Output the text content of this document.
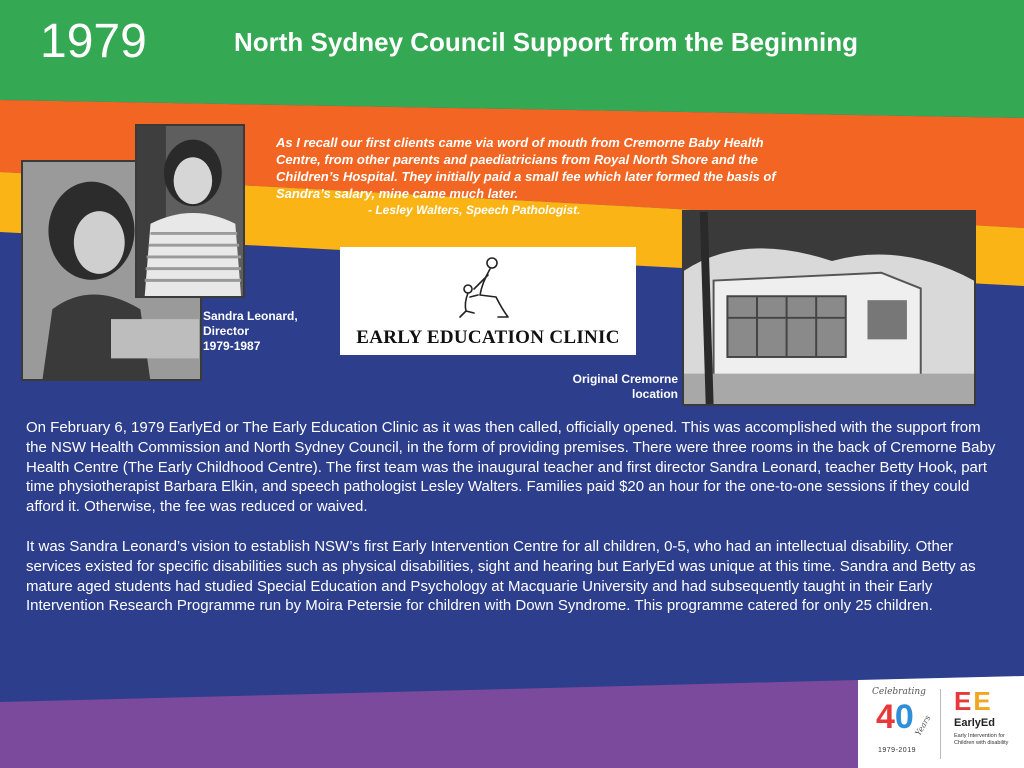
1979	North Sydney Council Support from the Beginning
As I recall our first clients came via word of mouth from Cremorne Baby Health Centre, from other parents and paediatricians from Royal North Shore and the Children’s Hospital. They initially paid a small fee which later formed the basis of Sandra’s salary, mine came much later.
- Lesley Walters, Speech Pathologist.
EARLY EDUCATION CLINIC
Sandra Leonard,
Director
1979-1987
Original Cremorne
location

On February 6, 1979 EarlyEd or The Early Education Clinic as it was then called, officially opened. This was accomplished with the support from the NSW Health Commission and North Sydney Council, in the form of providing premises. There were three rooms in the back of Cremorne Baby Health Centre (The Early Childhood Centre). The first team was the inaugural teacher and first director Sandra Leonard, teacher Betty Hook, part time physiotherapist Barbara Elkin, and speech pathologist Lesley Walters. Families paid $20 an hour for the one-to-one sessions if they could afford it. Otherwise, the fee was reduced or waived.

It was Sandra Leonard’s vision to establish NSW’s first Early Intervention Centre for all children, 0-5, who had an intellectual disability. Other services existed for specific disabilities such as physical disabilities, sight and hearing but EarlyEd was unique at this time. Sandra and Betty as mature aged students had studied Special Education and Psychology at Macquarie University and had subsequently taught in their Early Intervention Research Programme run by Moira Petersie for children with Down Syndrome. This programme catered for only 25 children.

Celebrating
40 Years
1979-2019
EE
EarlyEd
Early Intervention for Children with disability
